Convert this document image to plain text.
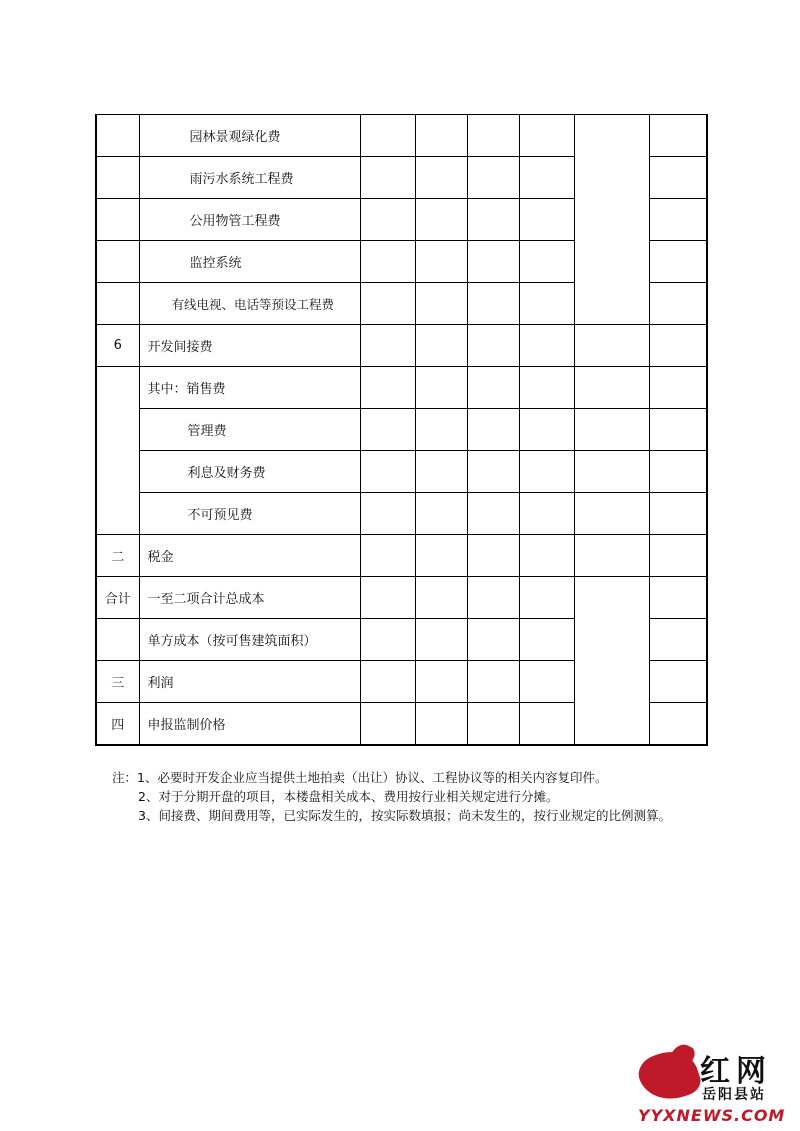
	园林景观绿化费						
	雨污水系统工程费						
	公用物管工程费						
	监控系统						
	有线电视、电话等预设工程费						
6	开发间接费						
	其中：销售费						
	管理费						
	利息及财务费						
	不可预见费						
二	税金						
合计	一至二项合计总成本						
	单方成本（按可售建筑面积）						
三	利润						
四	申报监制价格						
注：1、必要时开发企业应当提供土地拍卖（出让）协议、工程协议等的相关内容复印件。
2、对于分期开盘的项目，本楼盘相关成本、费用按行业相关规定进行分摊。
3、间接费、期间费用等，已实际发生的，按实际数填报；尚未发生的，按行业规定的比例测算。
红网
岳阳县站
YYXNEWS.COM
